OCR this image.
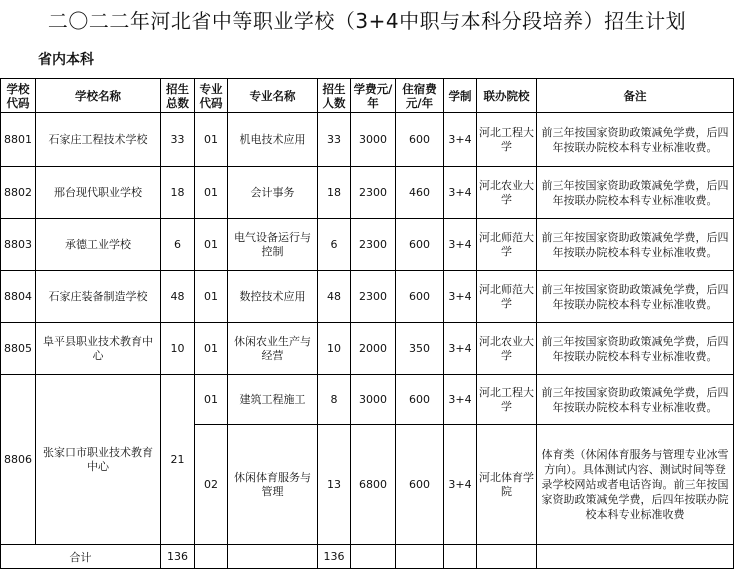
二〇二二年河北省中等职业学校（3+4中职与本科分段培养）招生计划
省内本科
学校代码	学校名称	招生总数	专业代码	专业名称	招生人数	学费元/年	住宿费元/年	学制	联办院校	备注
8801	石家庄工程技术学校	33	01	机电技术应用	33	3000	600	3+4	河北工程大学	前三年按国家资助政策减免学费，后四年按联办院校本科专业标准收费。
8802	邢台现代职业学校	18	01	会计事务	18	2300	460	3+4	河北农业大学	前三年按国家资助政策减免学费，后四年按联办院校本科专业标准收费。
8803	承德工业学校	6	01	电气设备运行与控制	6	2300	600	3+4	河北师范大学	前三年按国家资助政策减免学费，后四年按联办院校本科专业标准收费。
8804	石家庄装备制造学校	48	01	数控技术应用	48	2300	600	3+4	河北师范大学	前三年按国家资助政策减免学费，后四年按联办院校本科专业标准收费。
8805	阜平县职业技术教育中心	10	01	休闲农业生产与经营	10	2000	350	3+4	河北农业大学	前三年按国家资助政策减免学费，后四年按联办院校本科专业标准收费。
8806	张家口市职业技术教育中心	21	01	建筑工程施工	8	3000	600	3+4	河北工程大学	前三年按国家资助政策减免学费，后四年按联办院校本科专业标准收费。
			02	休闲体育服务与管理	13	6800	600	3+4	河北体育学院	体育类（休闲体育服务与管理专业冰雪方向）。具体测试内容、测试时间等登录学校网站或者电话咨询。前三年按国家资助政策减免学费，后四年按联办院校本科专业标准收费
合计		136			136					
